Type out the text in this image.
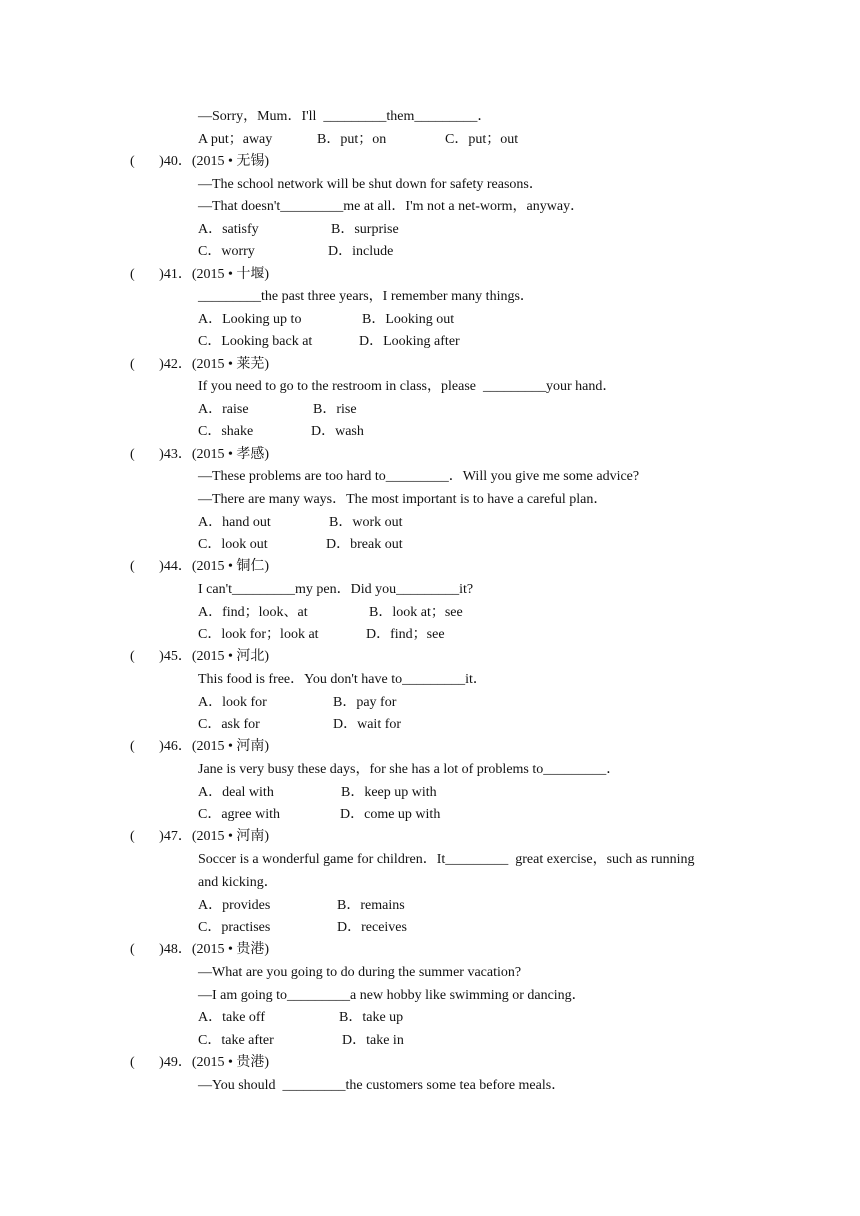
—Sorry，Mum．I'll  _________them_________．
A put；away	B．put；on	C．put；out
(       )40．(2015 • 无锡)
—The school network will be shut down for safety reasons．
—That doesn't_________me at all．I'm not a net-worm，anyway．
A．satisfy	B．surprise
C．worry	D．include
(       )41．(2015 • 十堰)
_________the past three years，I remember many things．
A．Looking up to	B．Looking out
C．Looking back at	D．Looking after
(       )42．(2015 • 莱芜)
If you need to go to the restroom in class，please  _________your hand．
A．raise	B．rise
C．shake	D．wash
(       )43．(2015 • 孝感)
—These problems are too hard to_________．Will you give me some advice?
—There are many ways．The most important is to have a careful plan．
A．hand out	B．work out
C．look out	D．break out
(       )44．(2015 • 铜仁)
I can't_________my pen．Did you_________it?
A．find；look、at	B．look at；see
C．look for；look at	D．find；see
(       )45．(2015 • 河北)
This food is free．You don't have to_________it．
A．look for	B．pay for
C．ask for	D．wait for
(       )46．(2015 • 河南)
Jane is very busy these days，for she has a lot of problems to_________．
A．deal with	B．keep up with
C．agree with	D．come up with
(       )47．(2015 • 河南)
Soccer is a wonderful game for children．It_________  great exercise，such as running
and kicking．
A．provides	B．remains
C．practises	D．receives
(       )48．(2015 • 贵港)
—What are you going to do during the summer vacation?
—I am going to_________a new hobby like swimming or dancing．
A．take off	B．take up
C．take after	D．take in
(       )49．(2015 • 贵港)
—You should  _________the customers some tea before meals．
